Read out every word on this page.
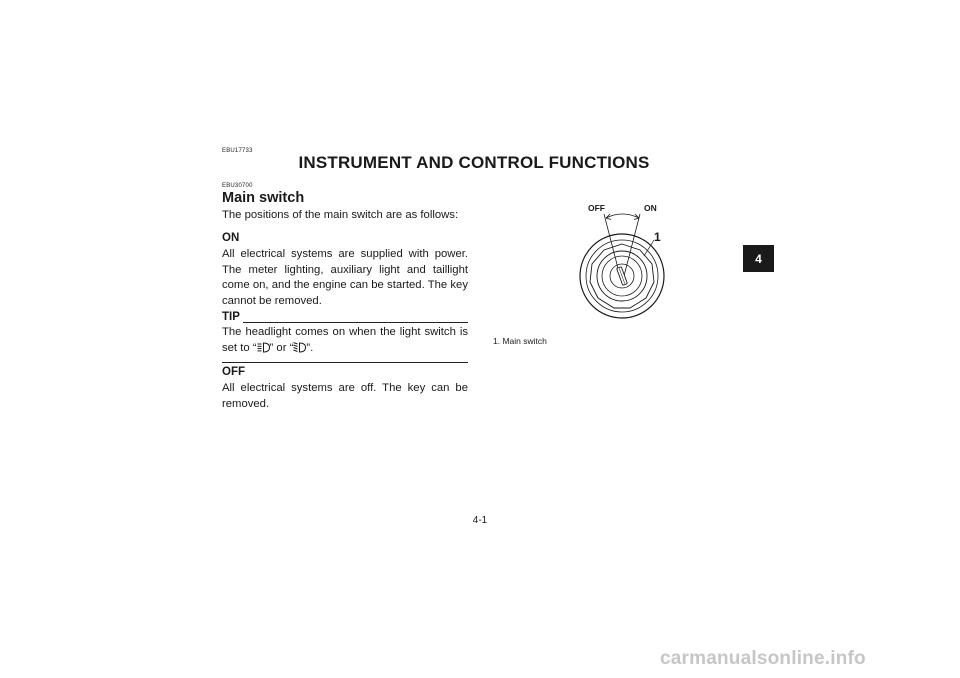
EBU17733
INSTRUMENT AND CONTROL FUNCTIONS
EBU30700
Main switch
The positions of the main switch are as follows:
ON
All electrical systems are supplied with power. The meter lighting, auxiliary light and taillight come on, and the engine can be started. The key cannot be removed.
TIP
The headlight comes on when the light switch is set to “ ” or “ ”.
OFF
All electrical systems are off. The key can be removed.
OFF	ON
1
1. Main switch
4
4-1
carmanualsonline.info
